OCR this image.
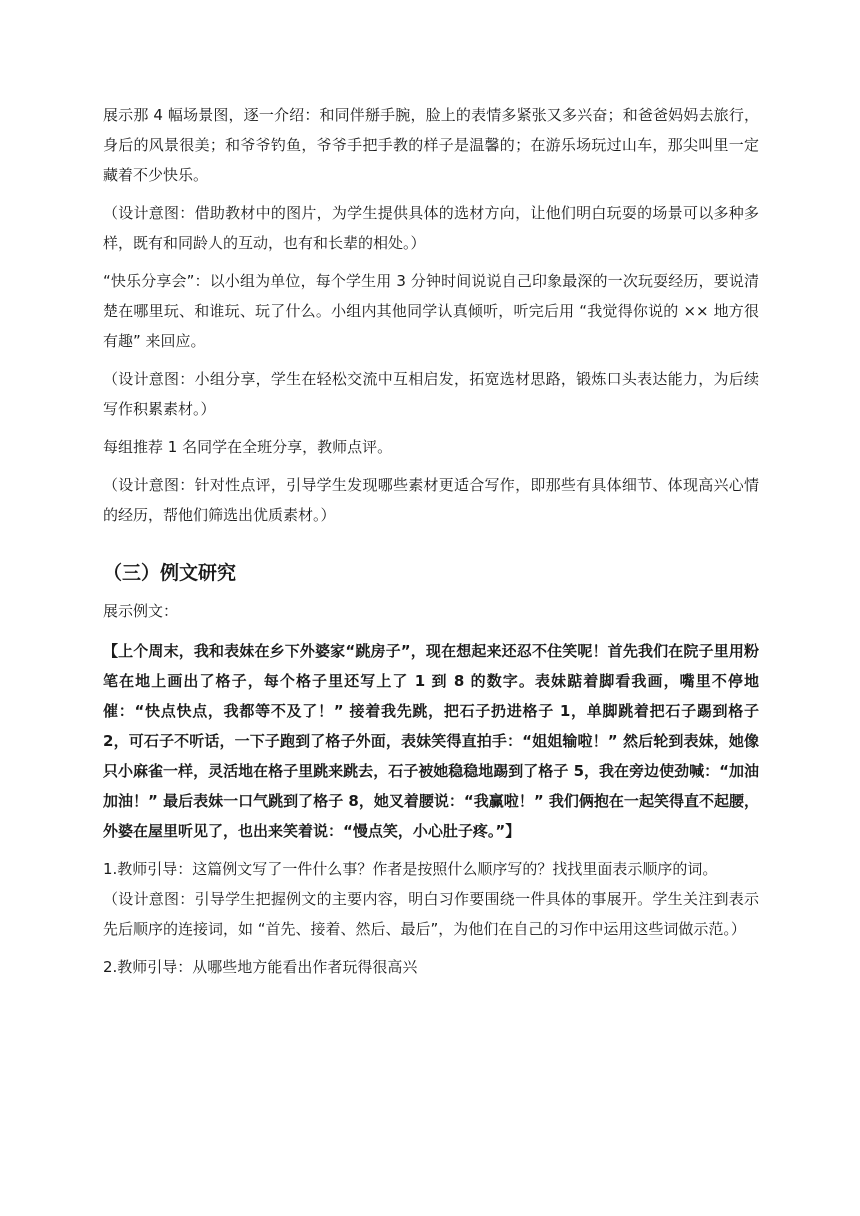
展示那 4 幅场景图，逐一介绍：和同伴掰手腕，脸上的表情多紧张又多兴奋；和爸爸妈妈去旅行，身后的风景很美；和爷爷钓鱼，爷爷手把手教的样子是温馨的；在游乐场玩过山车，那尖叫里一定藏着不少快乐。

（设计意图：借助教材中的图片，为学生提供具体的选材方向，让他们明白玩耍的场景可以多种多样，既有和同龄人的互动，也有和长辈的相处。）

“快乐分享会”：以小组为单位，每个学生用 3 分钟时间说说自己印象最深的一次玩耍经历，要说清楚在哪里玩、和谁玩、玩了什么。小组内其他同学认真倾听，听完后用 “我觉得你说的 ×× 地方很有趣” 来回应。

（设计意图：小组分享，学生在轻松交流中互相启发，拓宽选材思路，锻炼口头表达能力，为后续写作积累素材。）

每组推荐 1 名同学在全班分享，教师点评。

（设计意图：针对性点评，引导学生发现哪些素材更适合写作，即那些有具体细节、体现高兴心情的经历，帮他们筛选出优质素材。）

（三）例文研究

展示例文：

【上个周末，我和表妹在乡下外婆家“跳房子”，现在想起来还忍不住笑呢！首先我们在院子里用粉笔在地上画出了格子，每个格子里还写上了 1 到 8 的数字。表妹踮着脚看我画，嘴里不停地催：“快点快点，我都等不及了！” 接着我先跳，把石子扔进格子 1，单脚跳着把石子踢到格子 2，可石子不听话，一下子跑到了格子外面，表妹笑得直拍手：“姐姐输啦！” 然后轮到表妹，她像只小麻雀一样，灵活地在格子里跳来跳去，石子被她稳稳地踢到了格子 5，我在旁边使劲喊：“加油加油！” 最后表妹一口气跳到了格子 8，她叉着腰说：“我赢啦！” 我们俩抱在一起笑得直不起腰，外婆在屋里听见了，也出来笑着说：“慢点笑，小心肚子疼。”】

1.教师引导：这篇例文写了一件什么事？作者是按照什么顺序写的？找找里面表示顺序的词。

（设计意图：引导学生把握例文的主要内容，明白习作要围绕一件具体的事展开。学生关注到表示先后顺序的连接词，如 “首先、接着、然后、最后”，为他们在自己的习作中运用这些词做示范。）

2.教师引导：从哪些地方能看出作者玩得很高兴
